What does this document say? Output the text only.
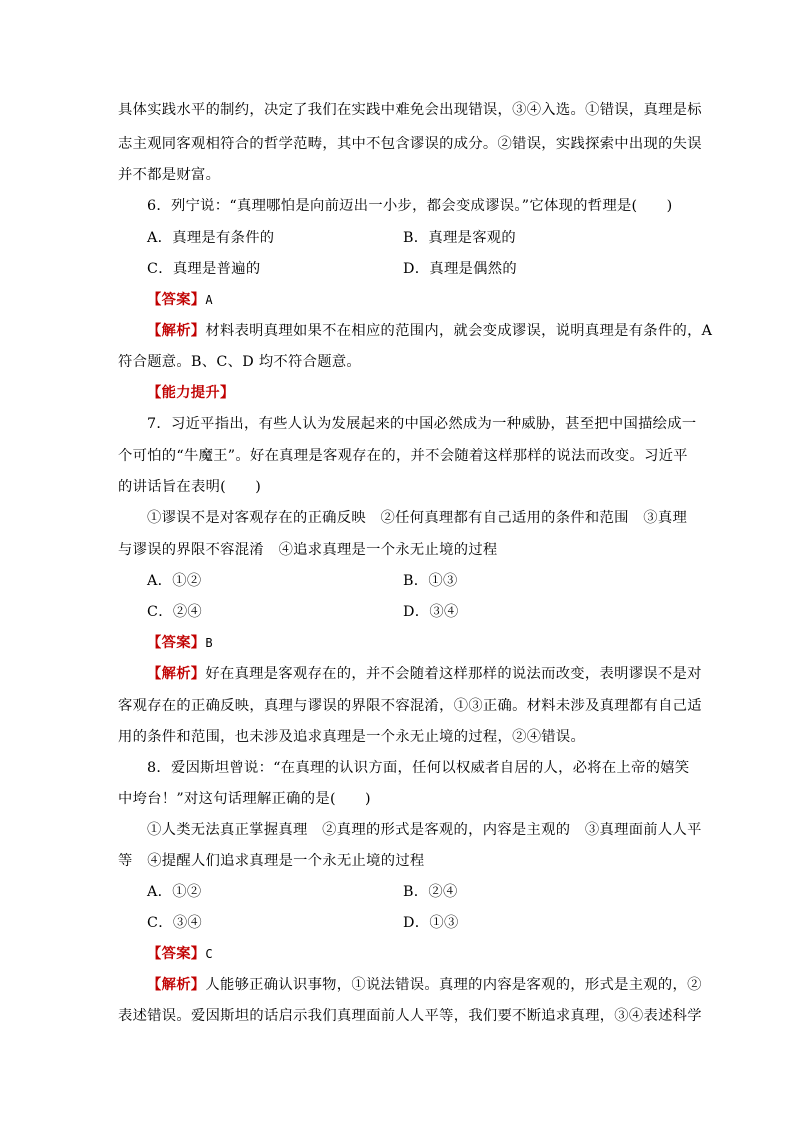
具体实践水平的制约，决定了我们在实践中难免会出现错误，③④入选。①错误，真理是标
志主观同客观相符合的哲学范畴，其中不包含谬误的成分。②错误，实践探索中出现的失误
并不都是财富。
6．列宁说：“真理哪怕是向前迈出一小步，都会变成谬误。”它体现的哲理是(　　)
A．真理是有条件的	B．真理是客观的
C．真理是普遍的	D．真理是偶然的
【答案】A
【解析】材料表明真理如果不在相应的范围内，就会变成谬误，说明真理是有条件的，A
符合题意。B、C、D 均不符合题意。
【能力提升】
7．习近平指出，有些人认为发展起来的中国必然成为一种威胁，甚至把中国描绘成一
个可怕的“牛魔王”。好在真理是客观存在的，并不会随着这样那样的说法而改变。习近平
的讲话旨在表明(　　)
①谬误不是对客观存在的正确反映　②任何真理都有自己适用的条件和范围　③真理
与谬误的界限不容混淆　④追求真理是一个永无止境的过程
A．①②	B．①③
C．②④	D．③④
【答案】B
【解析】好在真理是客观存在的，并不会随着这样那样的说法而改变，表明谬误不是对
客观存在的正确反映，真理与谬误的界限不容混淆，①③正确。材料未涉及真理都有自己适
用的条件和范围，也未涉及追求真理是一个永无止境的过程，②④错误。
8．爱因斯坦曾说：“在真理的认识方面，任何以权威者自居的人，必将在上帝的嬉笑
中垮台！”对这句话理解正确的是(　　)
①人类无法真正掌握真理　②真理的形式是客观的，内容是主观的　③真理面前人人平
等　④提醒人们追求真理是一个永无止境的过程
A．①②	B．②④
C．③④	D．①③
【答案】C
【解析】人能够正确认识事物，①说法错误。真理的内容是客观的，形式是主观的，②
表述错误。爱因斯坦的话启示我们真理面前人人平等，我们要不断追求真理，③④表述科学
